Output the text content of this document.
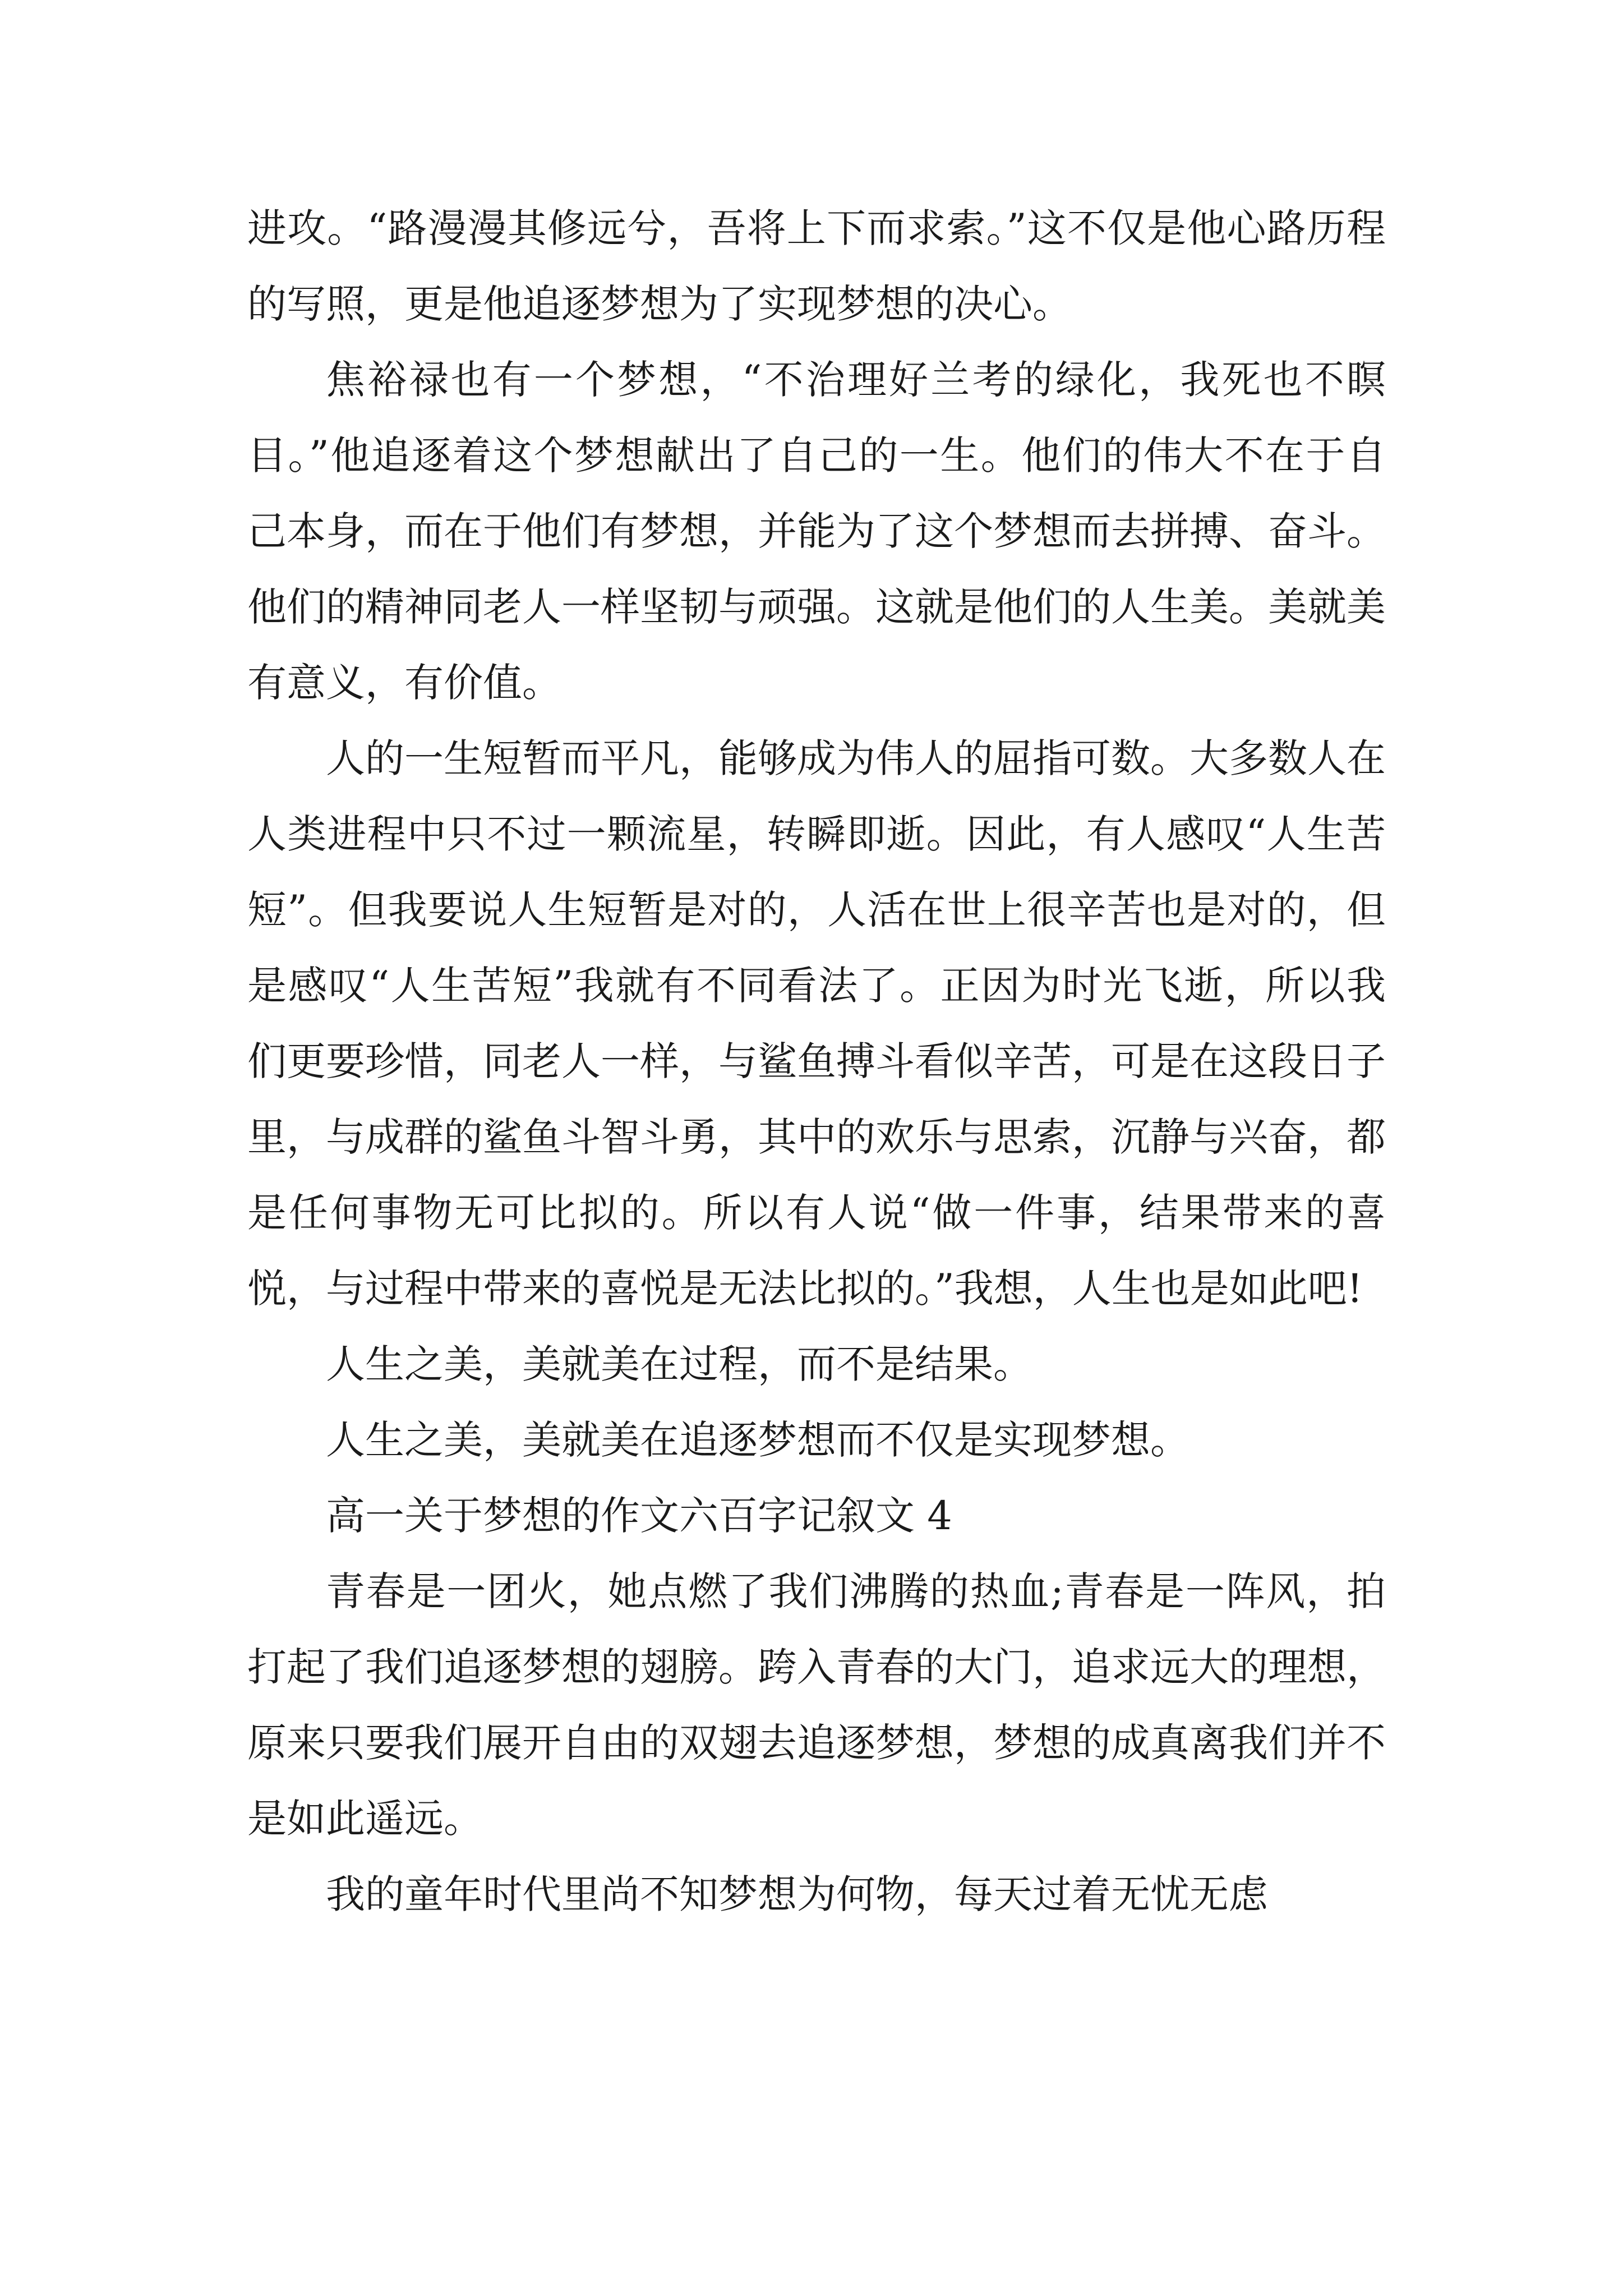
进攻。“路漫漫其修远兮，吾将上下而求索。”这不仅是他心路历程的写照，更是他追逐梦想为了实现梦想的决心。

焦裕禄也有一个梦想，“不治理好兰考的绿化，我死也不瞑目。”他追逐着这个梦想献出了自己的一生。他们的伟大不在于自己本身，而在于他们有梦想，并能为了这个梦想而去拼搏、奋斗。他们的精神同老人一样坚韧与顽强。这就是他们的人生美。美就美有意义，有价值。

人的一生短暂而平凡，能够成为伟人的屈指可数。大多数人在人类进程中只不过一颗流星，转瞬即逝。因此，有人感叹“人生苦短”。但我要说人生短暂是对的，人活在世上很辛苦也是对的，但是感叹“人生苦短”我就有不同看法了。正因为时光飞逝，所以我们更要珍惜，同老人一样，与鲨鱼搏斗看似辛苦，可是在这段日子里，与成群的鲨鱼斗智斗勇，其中的欢乐与思索，沉静与兴奋，都是任何事物无可比拟的。所以有人说“做一件事，结果带来的喜悦，与过程中带来的喜悦是无法比拟的。”我想，人生也是如此吧!

人生之美，美就美在过程，而不是结果。

人生之美，美就美在追逐梦想而不仅是实现梦想。

高一关于梦想的作文六百字记叙文 4

青春是一团火，她点燃了我们沸腾的热血;青春是一阵风，拍打起了我们追逐梦想的翅膀。跨入青春的大门，追求远大的理想，原来只要我们展开自由的双翅去追逐梦想，梦想的成真离我们并不是如此遥远。

我的童年时代里尚不知梦想为何物，每天过着无忧无虑
